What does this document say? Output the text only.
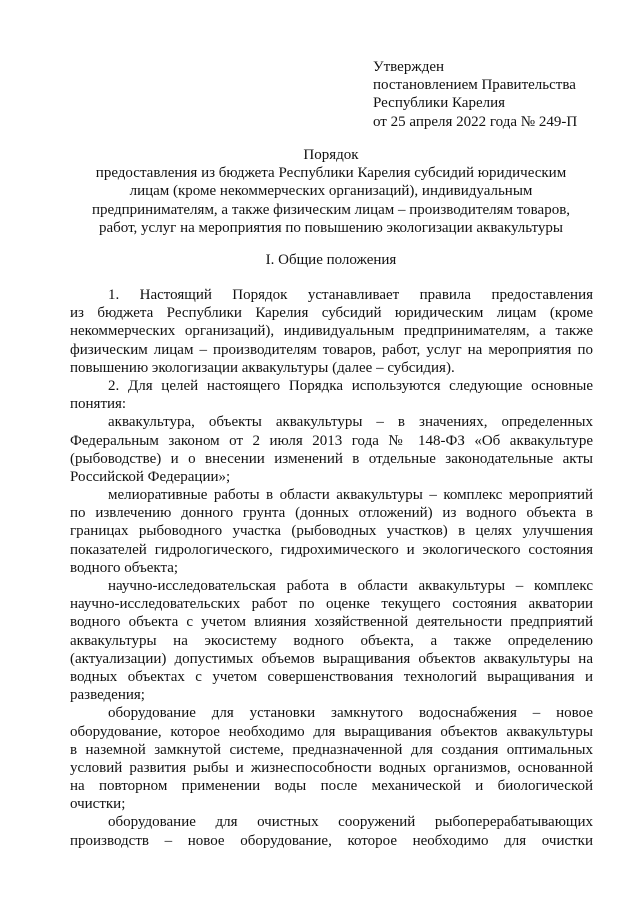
Утвержден
постановлением Правительства
Республики Карелия
от 25 апреля 2022 года № 249-П
Порядок
предоставления из бюджета Республики Карелия субсидий юридическим
лицам (кроме некоммерческих организаций), индивидуальным
предпринимателям, а также физическим лицам – производителям товаров,
работ, услуг на мероприятия по повышению экологизации аквакультуры
I. Общие положения
1. Настоящий Порядок устанавливает правила предоставления
из бюджета Республики Карелия субсидий юридическим лицам (кроме
некоммерческих организаций), индивидуальным предпринимателям, а также
физическим лицам – производителям товаров, работ, услуг на мероприятия по
повышению экологизации аквакультуры (далее – субсидия).
2. Для целей настоящего Порядка используются следующие основные
понятия:
аквакультура, объекты аквакультуры – в значениях, определенных
Федеральным законом от 2 июля 2013 года № 148-ФЗ «Об аквакультуре
(рыбоводстве) и о внесении изменений в отдельные законодательные акты
Российской Федерации»;
мелиоративные работы в области аквакультуры – комплекс мероприятий
по извлечению донного грунта (донных отложений) из водного объекта в
границах рыбоводного участка (рыбоводных участков) в целях улучшения
показателей гидрологического, гидрохимического и экологического состояния
водного объекта;
научно-исследовательская работа в области аквакультуры – комплекс
научно-исследовательских работ по оценке текущего состояния акватории
водного объекта с учетом влияния хозяйственной деятельности предприятий
аквакультуры на экосистему водного объекта, а также определению
(актуализации) допустимых объемов выращивания объектов аквакультуры на
водных объектах с учетом совершенствования технологий выращивания и
разведения;
оборудование для установки замкнутого водоснабжения – новое
оборудование, которое необходимо для выращивания объектов аквакультуры
в наземной замкнутой системе, предназначенной для создания оптимальных
условий развития рыбы и жизнеспособности водных организмов, основанной
на повторном применении воды после механической и биологической
очистки;
оборудование для очистных сооружений рыбоперерабатывающих
производств – новое оборудование, которое необходимо для очистки
